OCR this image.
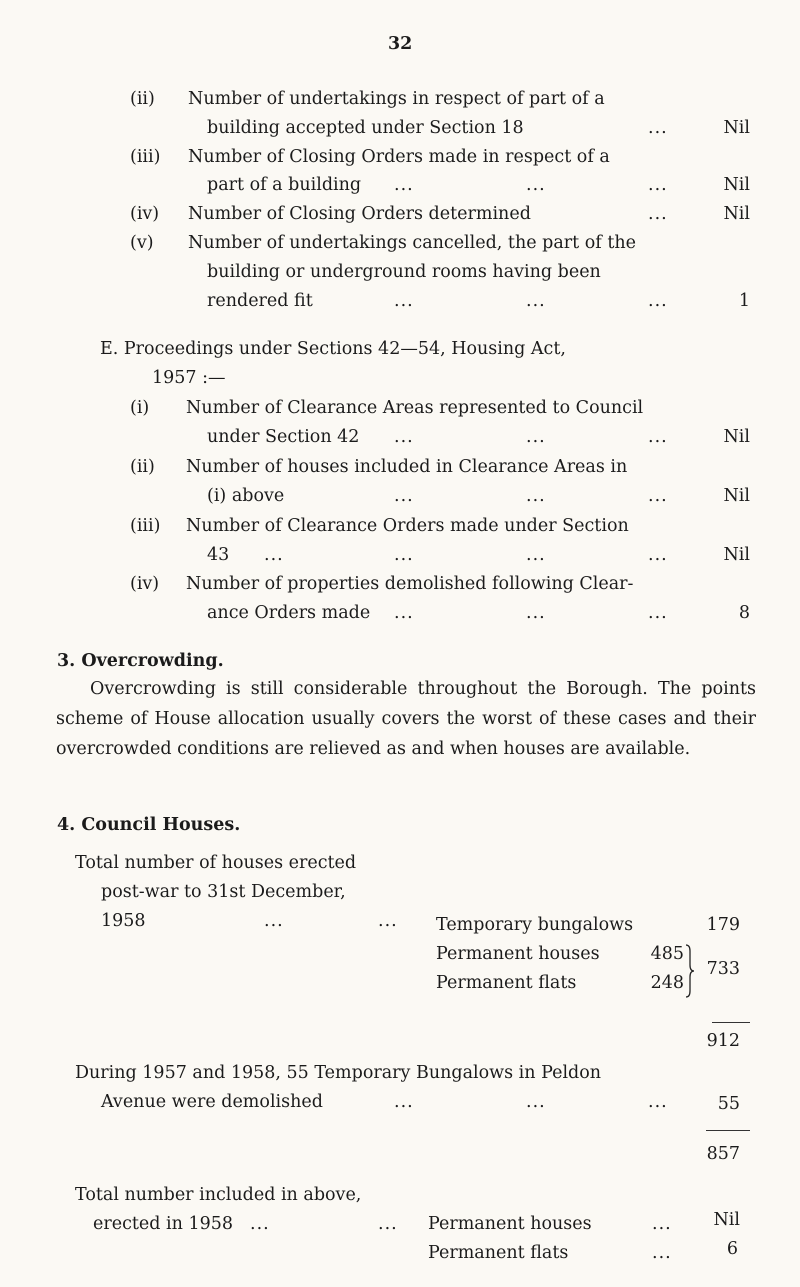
32
(ii) Number of undertakings in respect of part of a
building accepted under Section 18	...	Nil
(iii) Number of Closing Orders made in respect of a
part of a building ...	...	...	Nil
(iv) Number of Closing Orders determined	...	Nil
(v) Number of undertakings cancelled, the part of the
building or underground rooms having been
rendered fit	...	...	...	1
E. Proceedings under Sections 42—54, Housing Act,
1957 :—
(i) Number of Clearance Areas represented to Council
under Section 42 ...	...	...	Nil
(ii) Number of houses included in Clearance Areas in
(i) above	...	...	...	Nil
(iii) Number of Clearance Orders made under Section
43 ...	...	...	...	Nil
(iv) Number of properties demolished following Clear-
ance Orders made ...	...	...	8
3. Overcrowding.
Overcrowding is still considerable throughout the Borough. The points scheme of House allocation usually covers the worst of these cases and their overcrowded conditions are relieved as and when houses are available.
4. Council Houses.
Total number of houses erected
post-war to 31st December,
1958	...	... Temporary bungalows	179
Permanent houses	485
Permanent flats	248
733
912
During 1957 and 1958, 55 Temporary Bungalows in Peldon
Avenue were demolished	...	...	...	55
857
Total number included in above,
erected in 1958 ...	... Permanent houses	... Nil
Permanent flats	...	6
